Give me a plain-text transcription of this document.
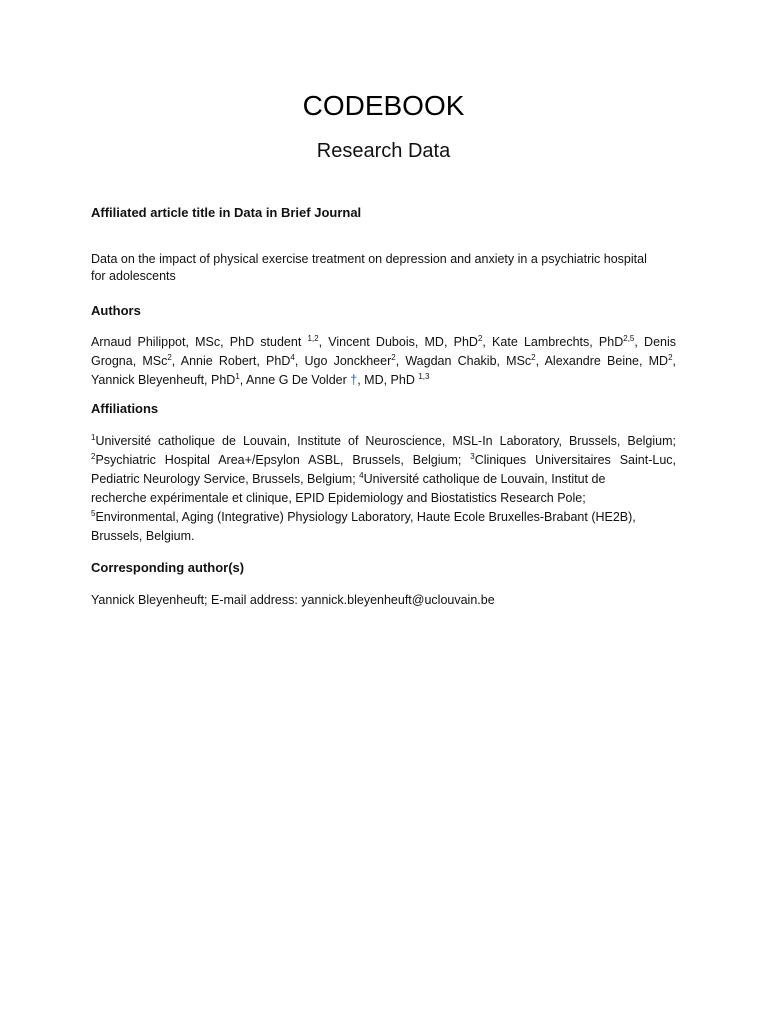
CODEBOOK
Research Data
Affiliated article title in Data in Brief Journal
Data on the impact of physical exercise treatment on depression and anxiety in a psychiatric hospital
for adolescents
Authors
Arnaud Philippot, MSc, PhD student $^{1,2}$, Vincent Dubois, MD, PhD$^2$, Kate Lambrechts, PhD$^{2,5}$, Denis
Grogna, MSc$^2$, Annie Robert, PhD$^4$, Ugo Jonckheer$^2$, Wagdan Chakib, MSc$^2$, Alexandre Beine, $MD^2$,
Yannick Bleyenheuft, PhD$^1$, Anne G De Volder †, MD, PhD $^{1,3}$
Affiliations
$^1$Université catholique de Louvain, Institute of Neuroscience, MSL-In Laboratory, Brussels, Belgium;
$^2$Psychiatric Hospital Area+/Epsylon ASBL, Brussels, Belgium; $^3$Cliniques Universitaires Saint-Luc,
Pediatric Neurology Service, Brussels, Belgium; $^4$Université catholique de Louvain, Institut de
recherche expérimentale et clinique, EPID Epidemiology and Biostatistics Research Pole;
$^5$Environmental, Aging (Integrative) Physiology Laboratory, Haute Ecole Bruxelles-Brabant (HE2B),
Brussels, Belgium.
Corresponding author(s)
Yannick Bleyenheuft; E-mail address: yannick.bleyenheuft@uclouvain.be
